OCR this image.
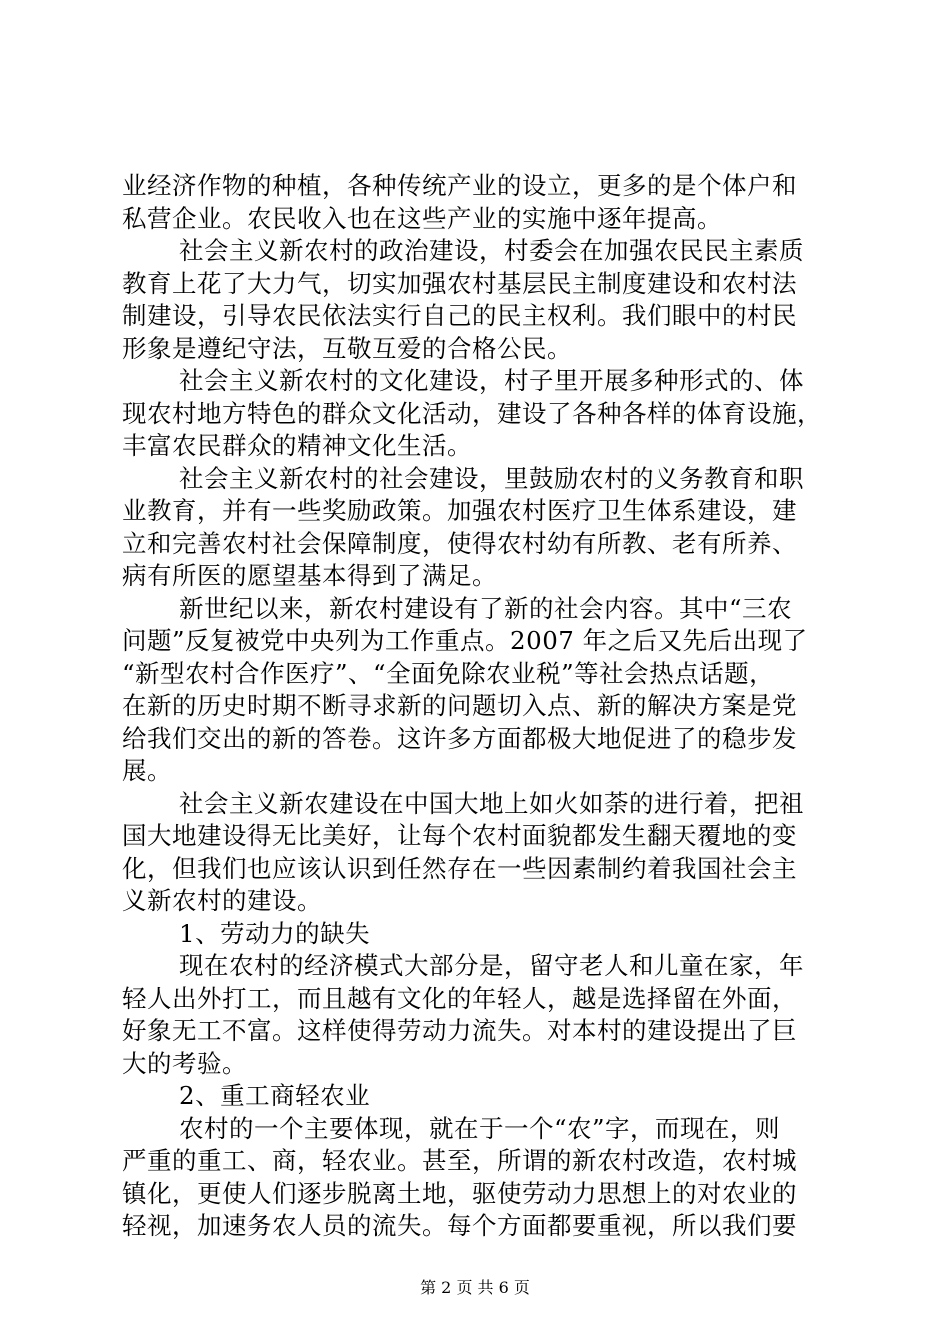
业经济作物的种植，各种传统产业的设立，更多的是个体户和
私营企业。农民收入也在这些产业的实施中逐年提高。
社会主义新农村的政治建设，村委会在加强农民民主素质
教育上花了大力气，切实加强农村基层民主制度建设和农村法
制建设，引导农民依法实行自己的民主权利。我们眼中的村民
形象是遵纪守法，互敬互爱的合格公民。
社会主义新农村的文化建设，村子里开展多种形式的、体
现农村地方特色的群众文化活动，建设了各种各样的体育设施，
丰富农民群众的精神文化生活。
社会主义新农村的社会建设，里鼓励农村的义务教育和职
业教育，并有一些奖励政策。加强农村医疗卫生体系建设，建
立和完善农村社会保障制度，使得农村幼有所教、老有所养、
病有所医的愿望基本得到了满足。
新世纪以来，新农村建设有了新的社会内容。其中“三农
问题”反复被党中央列为工作重点。2007 年之后又先后出现了
“新型农村合作医疗”、“全面免除农业税”等社会热点话题，
在新的历史时期不断寻求新的问题切入点、新的解决方案是党
给我们交出的新的答卷。这许多方面都极大地促进了的稳步发
展。
社会主义新农建设在中国大地上如火如荼的进行着，把祖
国大地建设得无比美好，让每个农村面貌都发生翻天覆地的变
化，但我们也应该认识到任然存在一些因素制约着我国社会主
义新农村的建设。
1、劳动力的缺失
现在农村的经济模式大部分是，留守老人和儿童在家，年
轻人出外打工，而且越有文化的年轻人，越是选择留在外面，
好象无工不富。这样使得劳动力流失。对本村的建设提出了巨
大的考验。
2、重工商轻农业
农村的一个主要体现，就在于一个“农”字，而现在，则
严重的重工、商，轻农业。甚至，所谓的新农村改造，农村城
镇化，更使人们逐步脱离土地，驱使劳动力思想上的对农业的
轻视，加速务农人员的流失。每个方面都要重视，所以我们要
第 2 页 共 6 页
